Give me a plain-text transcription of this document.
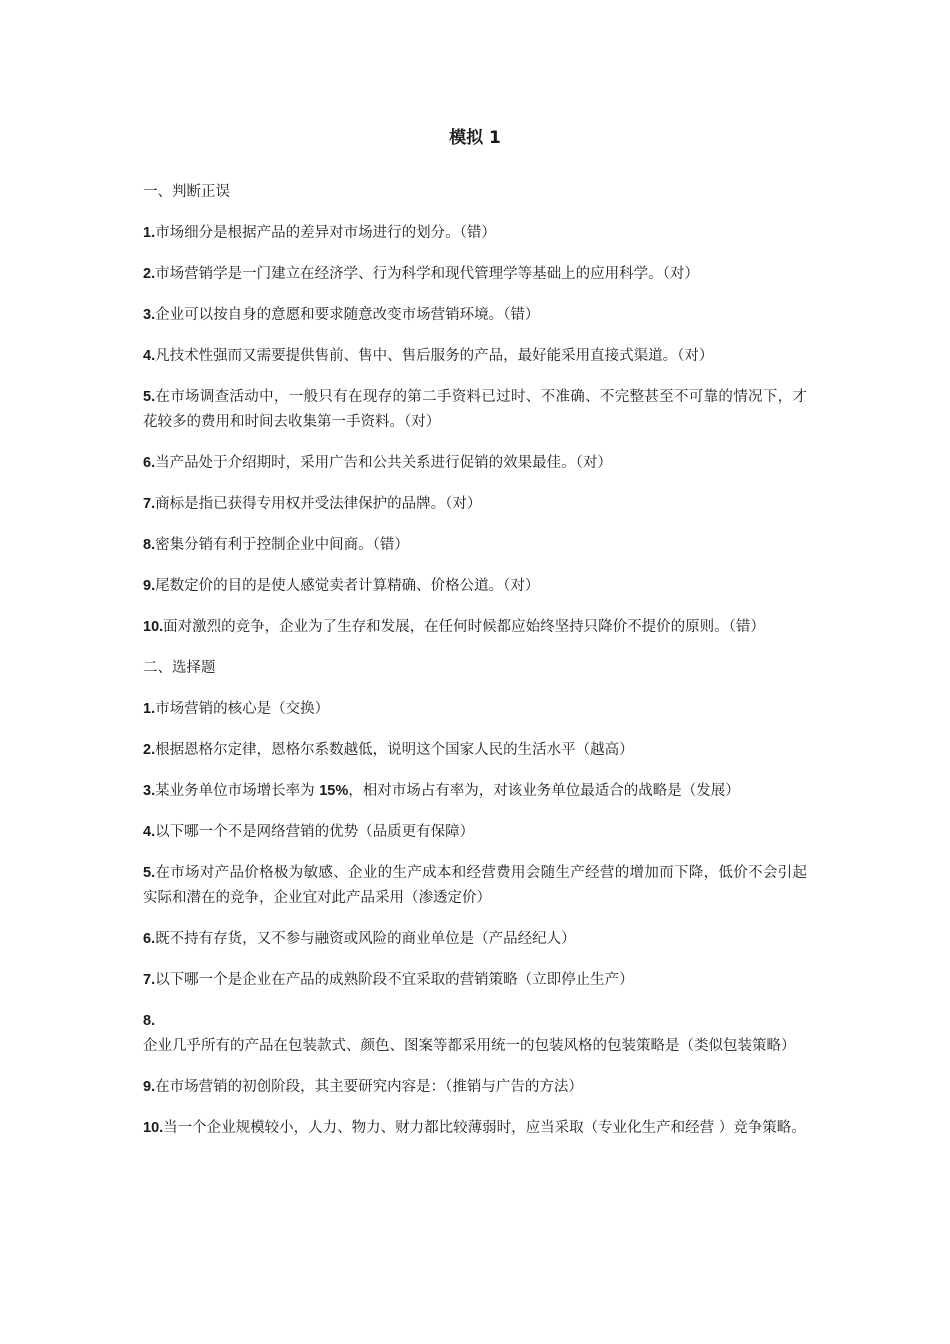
模拟 1
一、判断正误
1.市场细分是根据产品的差异对市场进行的划分。（错）
2.市场营销学是一门建立在经济学、行为科学和现代管理学等基础上的应用科学。（对）
3.企业可以按自身的意愿和要求随意改变市场营销环境。（错）
4.凡技术性强而又需要提供售前、售中、售后服务的产品，最好能采用直接式渠道。（对）
5.在市场调查活动中，一般只有在现存的第二手资料已过时、不准确、不完整甚至不可靠的情况下，才花较多的费用和时间去收集第一手资料。（对）
6.当产品处于介绍期时，采用广告和公共关系进行促销的效果最佳。（对）
7.商标是指已获得专用权并受法律保护的品牌。（对）
8.密集分销有利于控制企业中间商。（错）
9.尾数定价的目的是使人感觉卖者计算精确、价格公道。（对）
10.面对激烈的竞争，企业为了生存和发展，在任何时候都应始终坚持只降价不提价的原则。（错）
二、选择题
1.市场营销的核心是（交换）
2.根据恩格尔定律，恩格尔系数越低，说明这个国家人民的生活水平（越高）
3.某业务单位市场增长率为 15%，相对市场占有率为，对该业务单位最适合的战略是（发展）
4.以下哪一个不是网络营销的优势（品质更有保障）
5.在市场对产品价格极为敏感、企业的生产成本和经营费用会随生产经营的增加而下降，低价不会引起实际和潜在的竞争，企业宜对此产品采用（渗透定价）
6.既不持有存货，又不参与融资或风险的商业单位是（产品经纪人）
7.以下哪一个是企业在产品的成熟阶段不宜采取的营销策略（立即停止生产）
8.企业几乎所有的产品在包装款式、颜色、图案等都采用统一的包装风格的包装策略是（类似包装策略）
9.在市场营销的初创阶段，其主要研究内容是：（推销与广告的方法）
10.当一个企业规模较小，人力、物力、财力都比较薄弱时，应当采取（专业化生产和经营 ）竞争策略。
